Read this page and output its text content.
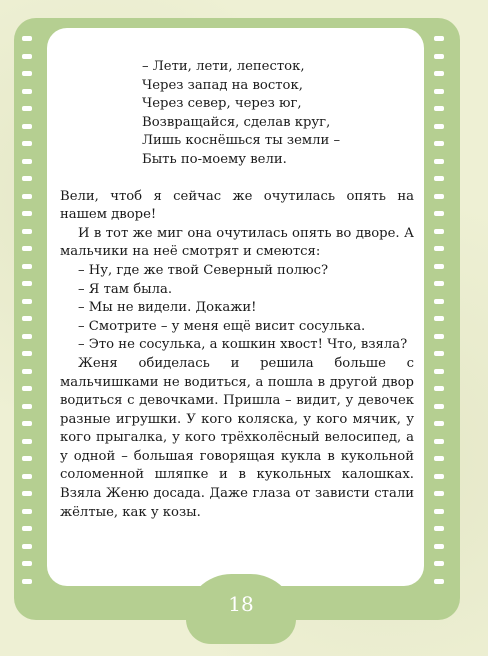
– Лети, лети, лепесток,
Через запад на восток,
Через север, через юг,
Возвращайся, сделав круг,
Лишь коснёшься ты земли –
Быть по-моему вели.

Вели, чтоб я сейчас же очутилась опять на нашем дворе!

И в тот же миг она очутилась опять во дворе. А мальчики на неё смотрят и смеются:

– Ну, где же твой Северный полюс?

– Я там была.

– Мы не видели. Докажи!

– Смотрите – у меня ещё висит сосулька.

– Это не сосулька, а кошкин хвост! Что, взяла?

Женя обиделась и решила больше с мальчишками не водиться, а пошла в другой двор водиться с девочками. Пришла – видит, у девочек разные игрушки. У кого коляска, у кого мячик, у кого прыгалка, у кого трёхколёсный велосипед, а у одной – большая говорящая кукла в кукольной соломенной шляпке и в кукольных калошках. Взяла Женю досада. Даже глаза от зависти стали жёлтые, как у козы.

18
